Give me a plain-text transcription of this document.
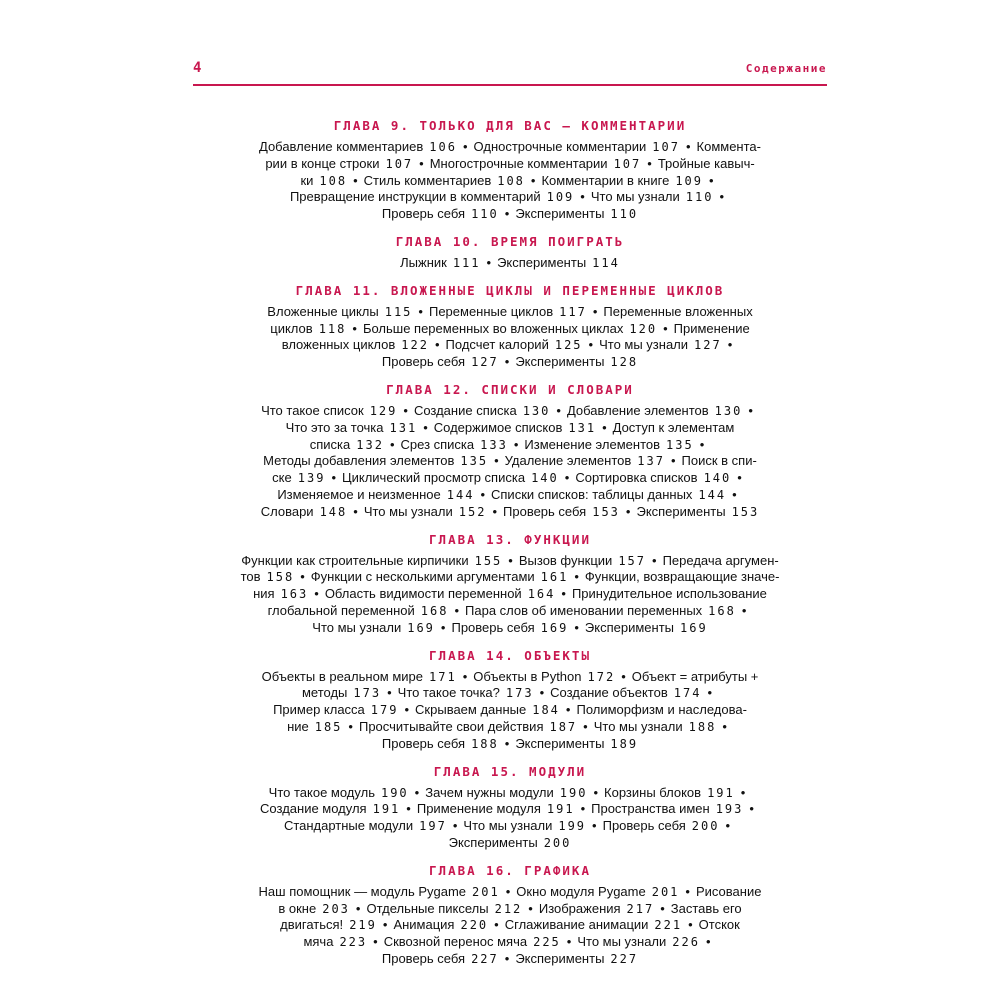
4	Содержание
ГЛАВА 9. ТОЛЬКО ДЛЯ ВАС — КОММЕНТАРИИ
Добавление комментариев 106 • Однострочные комментарии 107 • Коммента-
рии в конце строки 107 • Многострочные комментарии 107 • Тройные кавыч-
ки 108 • Стиль комментариев 108 • Комментарии в книге 109 •
Превращение инструкции в комментарий 109 • Что мы узнали 110 •
Проверь себя 110 • Эксперименты 110
ГЛАВА 10. ВРЕМЯ ПОИГРАТЬ
Лыжник 111 • Эксперименты 114
ГЛАВА 11. ВЛОЖЕННЫЕ ЦИКЛЫ И ПЕРЕМЕННЫЕ ЦИКЛОВ
Вложенные циклы 115 • Переменные циклов 117 • Переменные вложенных
циклов 118 • Больше переменных во вложенных циклах 120 • Применение
вложенных циклов 122 • Подсчет калорий 125 • Что мы узнали 127 •
Проверь себя 127 • Эксперименты 128
ГЛАВА 12. СПИСКИ И СЛОВАРИ
Что такое список 129 • Создание списка 130 • Добавление элементов 130 •
Что это за точка 131 • Содержимое списков 131 • Доступ к элементам
списка 132 • Срез списка 133 • Изменение элементов 135 •
Методы добавления элементов 135 • Удаление элементов 137 • Поиск в спи-
ске 139 • Циклический просмотр списка 140 • Сортировка списков 140 •
Изменяемое и неизменное 144 • Списки списков: таблицы данных 144 •
Словари 148 • Что мы узнали 152 • Проверь себя 153 • Эксперименты 153
ГЛАВА 13. ФУНКЦИИ
Функции как строительные кирпичики 155 • Вызов функции 157 • Передача аргумен-
тов 158 • Функции с несколькими аргументами 161 • Функции, возвращающие значе-
ния 163 • Область видимости переменной 164 • Принудительное использование
глобальной переменной 168 • Пара слов об именовании переменных 168 •
Что мы узнали 169 • Проверь себя 169 • Эксперименты 169
ГЛАВА 14. ОБЪЕКТЫ
Объекты в реальном мире 171 • Объекты в Python 172 • Объект = атрибуты +
методы 173 • Что такое точка? 173 • Создание объектов 174 •
Пример класса 179 • Скрываем данные 184 • Полиморфизм и наследова-
ние 185 • Просчитывайте свои действия 187 • Что мы узнали 188 •
Проверь себя 188 • Эксперименты 189
ГЛАВА 15. МОДУЛИ
Что такое модуль 190 • Зачем нужны модули 190 • Корзины блоков 191 •
Создание модуля 191 • Применение модуля 191 • Пространства имен 193 •
Стандартные модули 197 • Что мы узнали 199 • Проверь себя 200 •
Эксперименты 200
ГЛАВА 16. ГРАФИКА
Наш помощник — модуль Pygame 201 • Окно модуля Pygame 201 • Рисование
в окне 203 • Отдельные пикселы 212 • Изображения 217 • Заставь его
двигаться! 219 • Анимация 220 • Сглаживание анимации 221 • Отскок
мяча 223 • Сквозной перенос мяча 225 • Что мы узнали 226 •
Проверь себя 227 • Эксперименты 227
